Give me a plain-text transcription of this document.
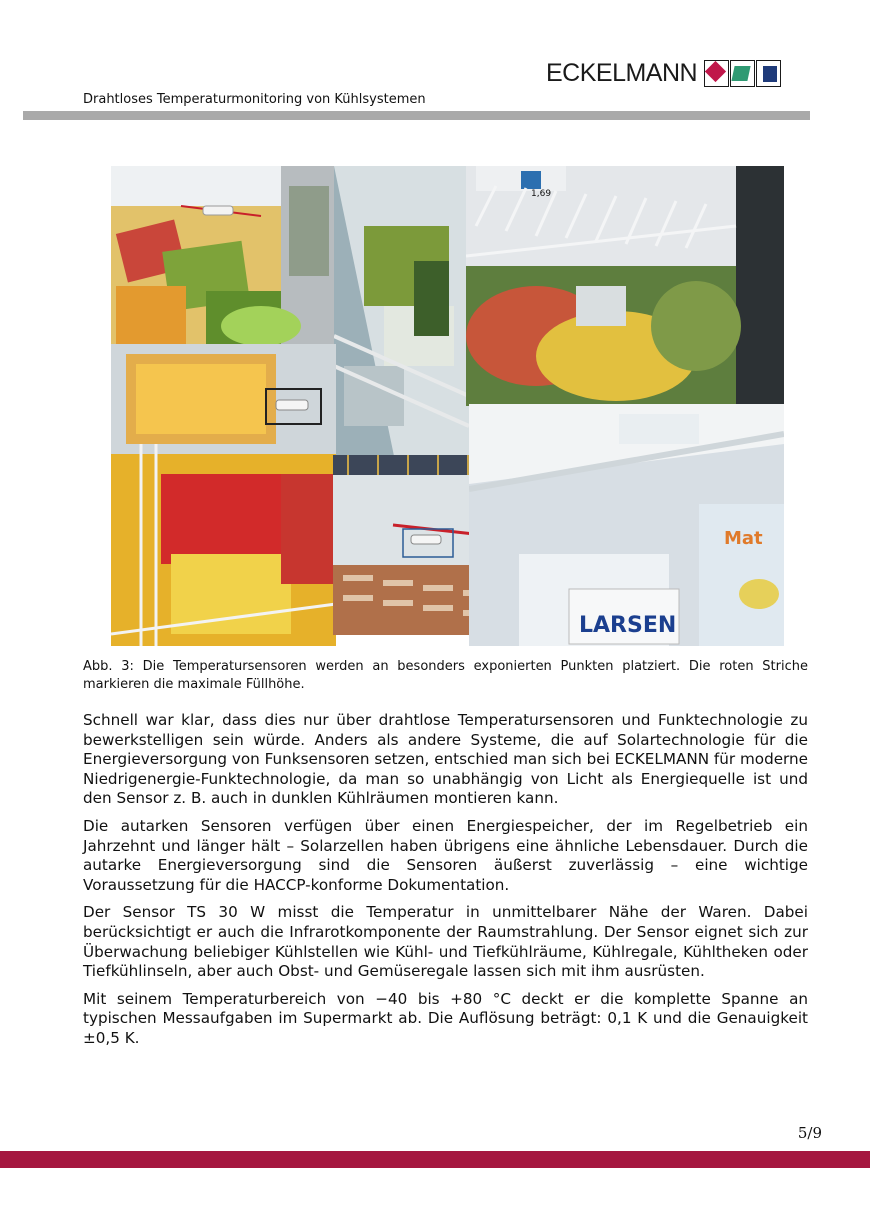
ECKELMANN
Drahtloses Temperaturmonitoring von Kühlsystemen
1,69
LARSEN
Mat
Abb. 3: Die Temperatursensoren werden an besonders exponierten Punkten platziert. Die roten Striche markieren die maximale Füllhöhe.

Schnell war klar, dass dies nur über drahtlose Temperatursensoren und Funktechnologie zu bewerkstelligen sein würde. Anders als andere Systeme, die auf Solartechnologie für die Energieversorgung von Funksensoren setzen, entschied man sich bei ECKELMANN für moderne Niedrigenergie-Funktechnologie, da man so unabhängig von Licht als Energiequelle ist und den Sensor z. B. auch in dunklen Kühlräumen montieren kann.

Die autarken Sensoren verfügen über einen Energiespeicher, der im Regelbetrieb ein Jahrzehnt und länger hält – Solarzellen haben übrigens eine ähnliche Lebensdauer. Durch die autarke Energieversorgung sind die Sensoren äußerst zuverlässig – eine wichtige Voraussetzung für die HACCP-konforme Dokumentation.

Der Sensor TS 30 W misst die Temperatur in unmittelbarer Nähe der Waren. Dabei berücksichtigt er auch die Infrarotkomponente der Raumstrahlung. Der Sensor eignet sich zur Überwachung beliebiger Kühlstellen wie Kühl- und Tiefkühlräume, Kühlregale, Kühltheken oder Tiefkühlinseln, aber auch Obst- und Gemüseregale lassen sich mit ihm ausrüsten.

Mit seinem Temperaturbereich von −40 bis +80 °C deckt er die komplette Spanne an typischen Messaufgaben im Supermarkt ab. Die Auflösung beträgt: 0,1 K und die Genauigkeit ±0,5 K.

5/9
